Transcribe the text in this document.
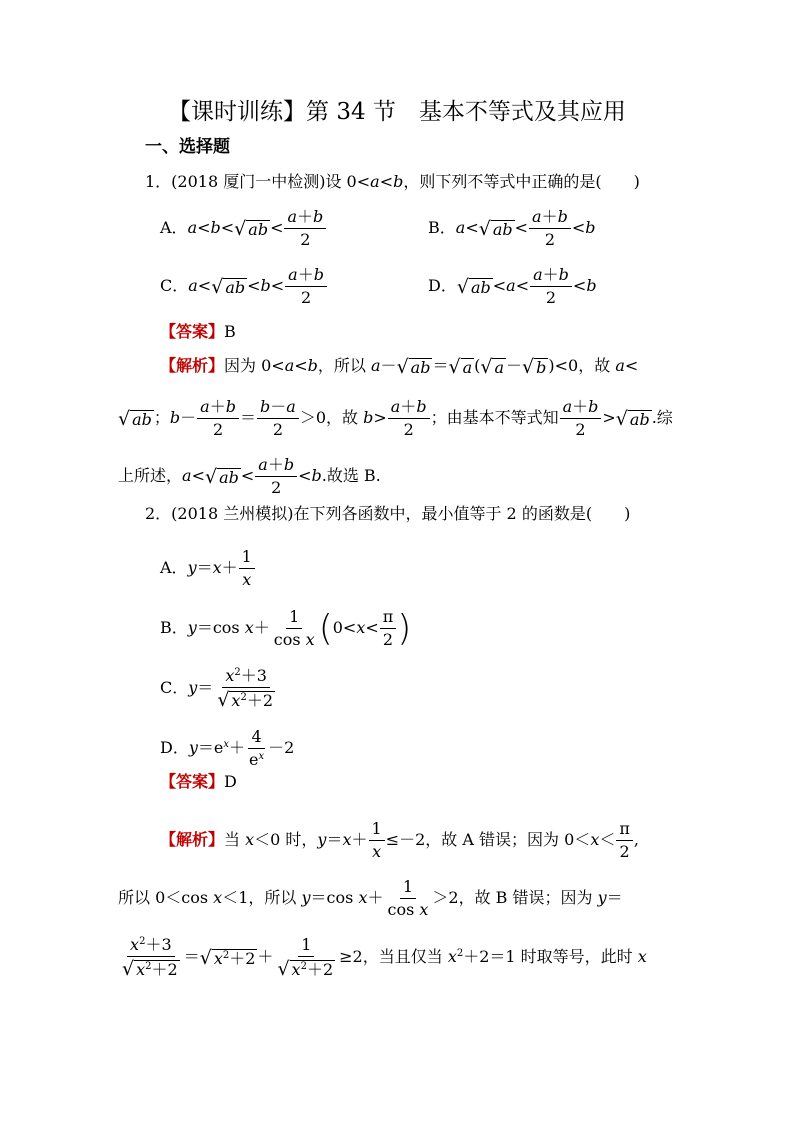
【课时训练】第 34 节　基本不等式及其应用
一、选择题
1．(2018 厦门一中检测)设 0<a<b，则下列不等式中正确的是(　　)
A．a<b< √ ab < $\frac{a+b}{2}$	B．a< √ ab < $\frac{a+b}{2} <b$
C．a< √ ab $<b< \frac{a+b}{2}$	D． √ ab $<a< \frac{a+b}{2} <b$
【答案】B
【解析】因为 0<a<b，所以 a－ √ ab ＝ √ a ( √ a － √ b )<0，故 a<
√ ab ；$b- \frac{a+b}{2} = \frac{b-a}{2} >0$，故 $b> \frac{a+b}{2}$ ；由基本不等式知 $\frac{a+b}{2}$ > √ ab .综
上所述，a< √ ab < $\frac{a+b}{2} <b$.故选 B.
2．(2018 兰州模拟)在下列各函数中，最小值等于 2 的函数是(　　)
A．$y=x+ \frac{1}{x}$
B．y＝cos $x+ \frac{1}{\text{cos x}} (0<x< \frac{\pi}{2}$ )
C．$y= \frac{x^2+3}{√ x^2+2}$
D．$y=e^x+ \frac{4}{e^x} -2$
【答案】D
【解析】当 x＜0 时，$y=x+ \frac{1}{x} \le-2$，故 A 错误；因为 $0<x< \frac{\pi}{2}$ ,
所以 0＜cos x＜1，所以 y＝cos $x+ \frac{1}{\text{cos x}} >2$，故 B 错误；因为 y＝
$\frac{x^2+3}{√ x^2+2}$ ＝ √ $x^2+2 + \frac{1}{√ x^2+2} \ge 2$，当且仅当 $x^2+2=1$ 时取等号，此时 x
